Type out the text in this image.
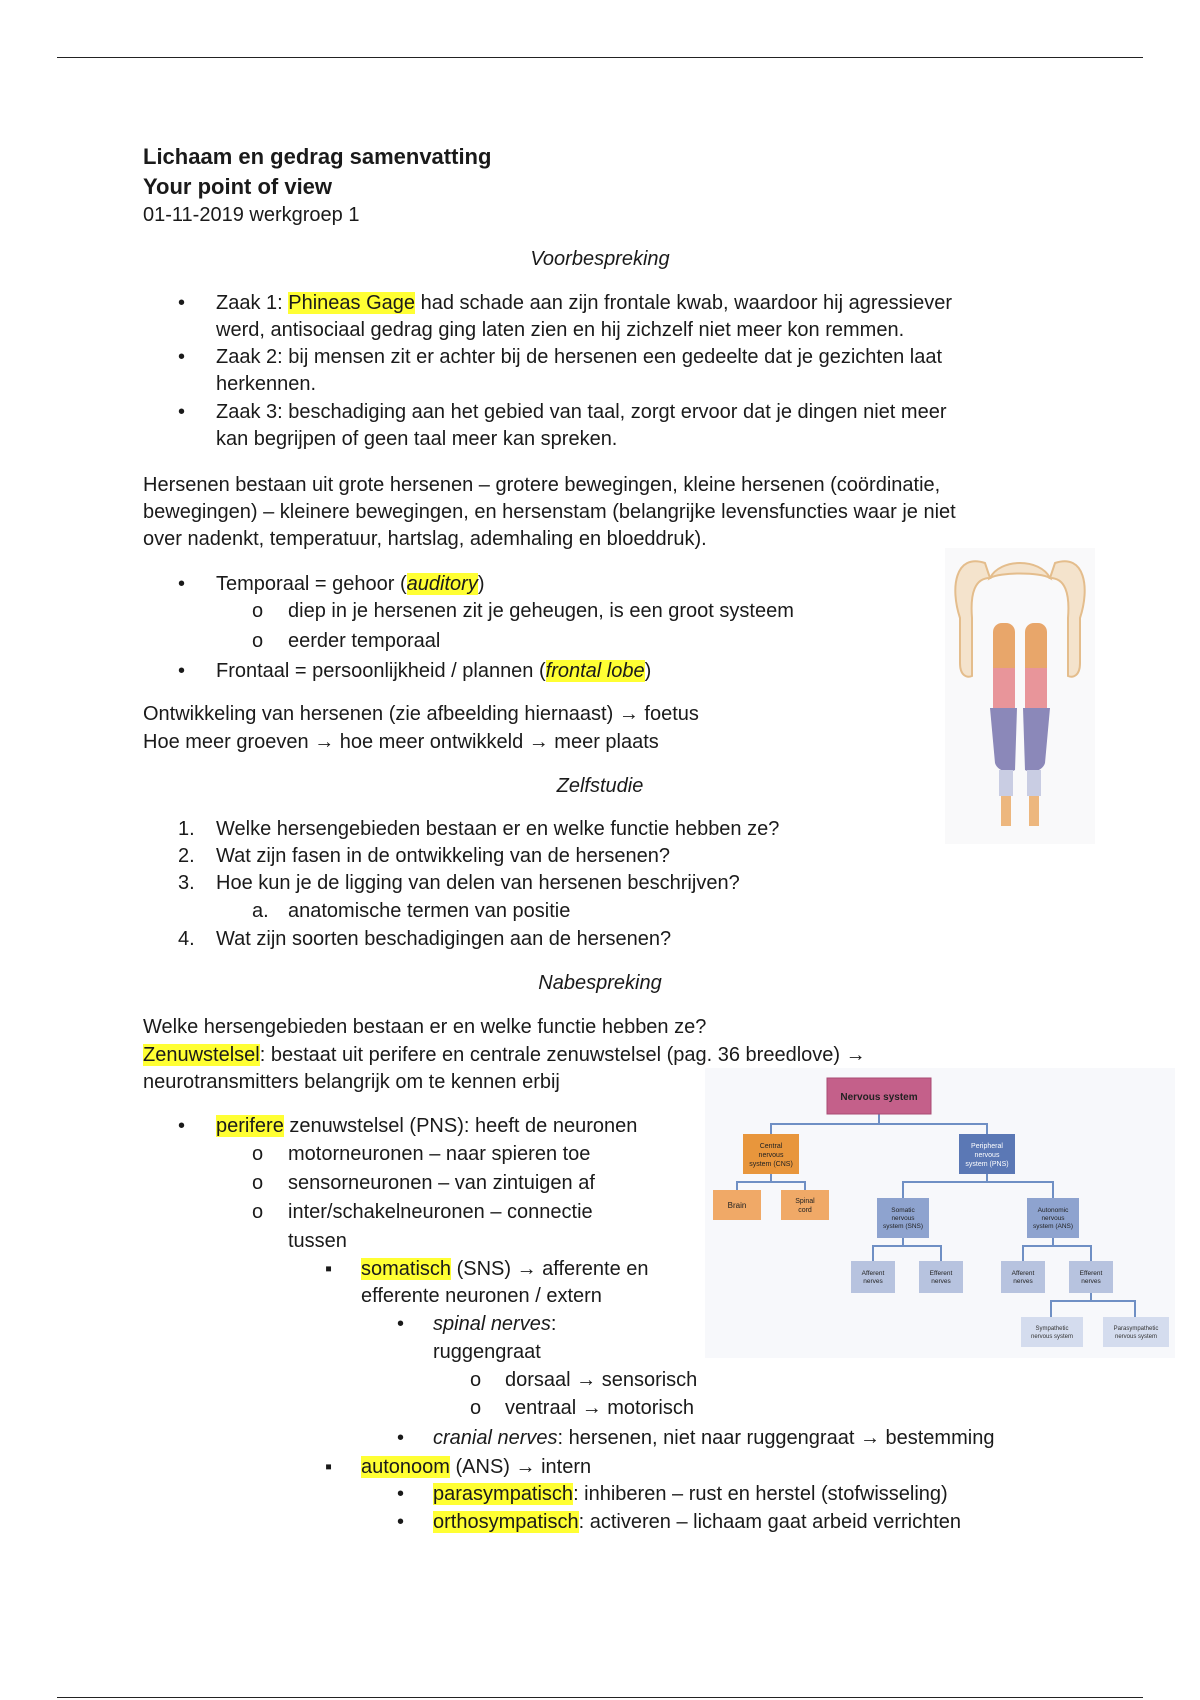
Lichaam en gedrag samenvatting
Your point of view
01-11-2019 werkgroep 1
Voorbespreking
• Zaak 1: Phineas Gage had schade aan zijn frontale kwab, waardoor hij agressiever
werd, antisociaal gedrag ging laten zien en hij zichzelf niet meer kon remmen.
• Zaak 2: bij mensen zit er achter bij de hersenen een gedeelte dat je gezichten laat
herkennen.
• Zaak 3: beschadiging aan het gebied van taal, zorgt ervoor dat je dingen niet meer
kan begrijpen of geen taal meer kan spreken.
Hersenen bestaan uit grote hersenen – grotere bewegingen, kleine hersenen (coördinatie,
bewegingen) – kleinere bewegingen, en hersenstam (belangrijke levensfuncties waar je niet
over nadenkt, temperatuur, hartslag, ademhaling en bloeddruk).
• Temporaal = gehoor (auditory)
o diep in je hersenen zit je geheugen, is een groot systeem
o eerder temporaal
• Frontaal = persoonlijkheid / plannen (frontal lobe)
Ontwikkeling van hersenen (zie afbeelding hiernaast) → foetus
Hoe meer groeven → hoe meer ontwikkeld → meer plaats
Zelfstudie
1. Welke hersengebieden bestaan er en welke functie hebben ze?
2. Wat zijn fasen in de ontwikkeling van de hersenen?
3. Hoe kun je de ligging van delen van hersenen beschrijven?
a. anatomische termen van positie
4. Wat zijn soorten beschadigingen aan de hersenen?
Nabespreking
Welke hersengebieden bestaan er en welke functie hebben ze?
Zenuwstelsel: bestaat uit perifere en centrale zenuwstelsel (pag. 36 breedlove) →
neurotransmitters belangrijk om te kennen erbij
• perifere zenuwstelsel (PNS): heeft de neuronen
o motorneuronen – naar spieren toe
o sensorneuronen – van zintuigen af
o inter/schakelneuronen – connectie
tussen
▪ somatisch (SNS) → afferente en
efferente neuronen / extern
• spinal nerves:
ruggengraat
o dorsaal → sensorisch
o ventraal → motorisch
• cranial nerves: hersenen, niet naar ruggengraat → bestemming
▪ autonoom (ANS) → intern
• parasympatisch: inhiberen – rust en herstel (stofwisseling)
• orthosympatisch: activeren – lichaam gaat arbeid verrichten
Nervous system
Central nervous system (CNS)
Peripheral nervous system (PNS)
Brain	Spinal cord	Somatic nervous system (SNS)
Autonomic nervous system (ANS)
Afferent nerves
Efferent nerves
Afferent nerves
Efferent nerves
Sympathetic nervous system
Parasympathetic nervous system
